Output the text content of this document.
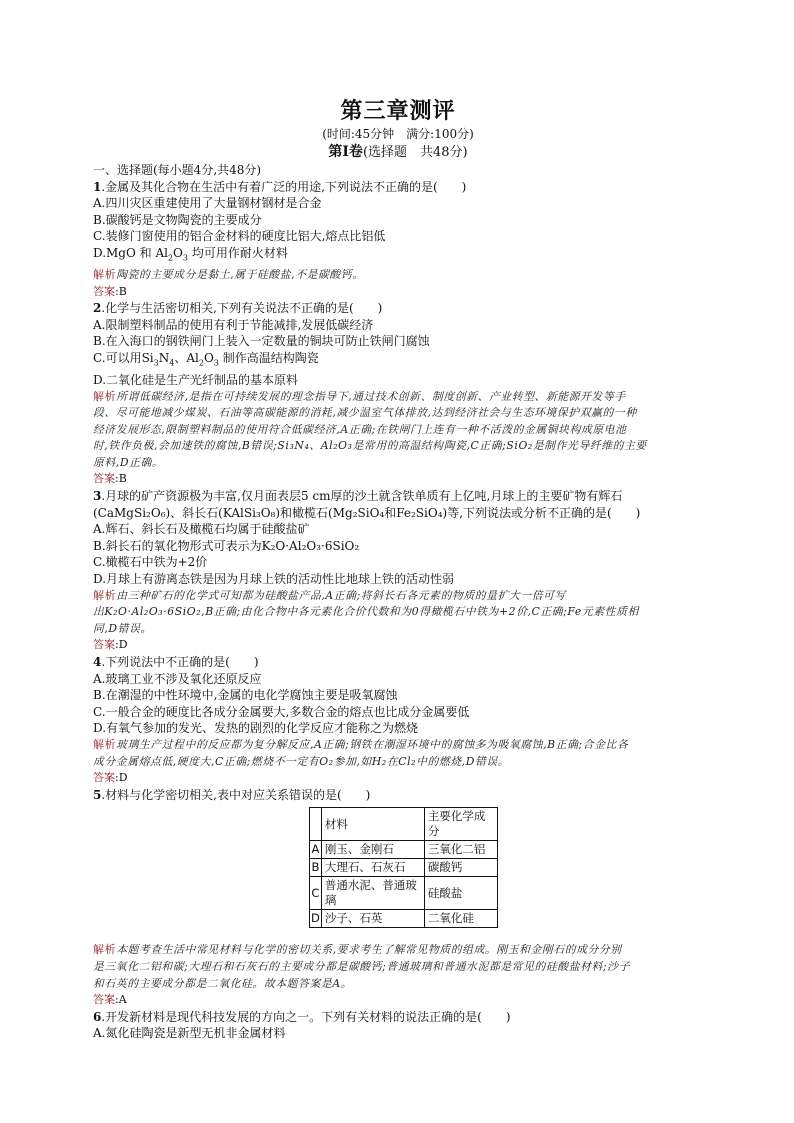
第三章测评
(时间:45分钟　满分:100分)
第Ⅰ卷(选择题　共48分)

一、选择题(每小题4分,共48分)

1.金属及其化合物在生活中有着广泛的用途,下列说法不正确的是(　　)

A.四川灾区重建使用了大量钢材钢材是合金

B.碳酸钙是文物陶瓷的主要成分

C.装修门窗使用的铝合金材料的硬度比铝大,熔点比铝低

D.MgO 和 $Al_2O_3$ 均可用作耐火材料

解析陶瓷的主要成分是黏土,属于硅酸盐,不是碳酸钙。

答案:B

2.化学与生活密切相关,下列有关说法不正确的是(　　)

A.限制塑料制品的使用有利于节能减排,发展低碳经济

B.在入海口的钢铁闸门上装入一定数量的铜块可防止铁闸门腐蚀

C.可以用$Si_3N_4$、$Al_2O_3$ 制作高温结构陶瓷

D.二氧化硅是生产光纤制品的基本原料

解析所谓低碳经济,是指在可持续发展的理念指导下,通过技术创新、制度创新、产业转型、新能源开发等手

段、尽可能地减少煤炭、石油等高碳能源的消耗,减少温室气体排放,达到经济社会与生态环境保护双赢的一种

经济发展形态,限制塑料制品的使用符合低碳经济,A正确;在铁闸门上连有一种不活泼的金属铜块构成原电池

时,铁作负极,会加速铁的腐蚀,B错误;Si₃N₄、Al₂O₃是常用的高温结构陶瓷,C正确;SiO₂是制作光导纤维的主要

原料,D正确。

答案:B

3.月球的矿产资源极为丰富,仅月面表层5 cm厚的沙土就含铁单质有上亿吨,月球上的主要矿物有辉石

(CaMgSi₂O₆)、斜长石(KAlSi₃O₈)和橄榄石(Mg₂SiO₄和Fe₂SiO₄)等,下列说法或分析不正确的是(　　)

A.辉石、斜长石及橄榄石均属于硅酸盐矿

B.斜长石的氧化物形式可表示为K₂O·Al₂O₃·6SiO₂

C.橄榄石中铁为+2价

D.月球上有游离态铁是因为月球上铁的活动性比地球上铁的活动性弱

解析由三种矿石的化学式可知都为硅酸盐产品,A正确;将斜长石各元素的物质的量扩大一倍可写

出K₂O·Al₂O₃·6SiO₂,B正确;由化合物中各元素化合价代数和为0得橄榄石中铁为+2价,C正确;Fe元素性质相

同,D错误。

答案:D

4.下列说法中不正确的是(　　)

A.玻璃工业不涉及氧化还原反应

B.在潮湿的中性环境中,金属的电化学腐蚀主要是吸氧腐蚀

C.一般合金的硬度比各成分金属要大,多数合金的熔点也比成分金属要低

D.有氧气参加的发光、发热的剧烈的化学反应才能称之为燃烧

解析玻璃生产过程中的反应都为复分解反应,A正确;钢铁在潮湿环境中的腐蚀多为吸氧腐蚀,B正确;合金比各

成分金属熔点低,硬度大,C正确;燃烧不一定有O₂参加,如H₂在Cl₂中的燃烧,D错误。

答案:D

5.材料与化学密切相关,表中对应关系错误的是(　　)

	材料	主要化学成分
A	刚玉、金刚石	三氧化二铝
B	大理石、石灰石	碳酸钙
C	普通水泥、普通玻璃	硅酸盐
D	沙子、石英	二氧化硅

解析本题考查生活中常见材料与化学的密切关系,要求考生了解常见物质的组成。刚玉和金刚石的成分分别

是三氧化二铝和碳;大理石和石灰石的主要成分都是碳酸钙;普通玻璃和普通水泥都是常见的硅酸盐材料;沙子

和石英的主要成分都是二氧化硅。故本题答案是A。

答案:A

6.开发新材料是现代科技发展的方向之一。下列有关材料的说法正确的是(　　)

A.氮化硅陶瓷是新型无机非金属材料
